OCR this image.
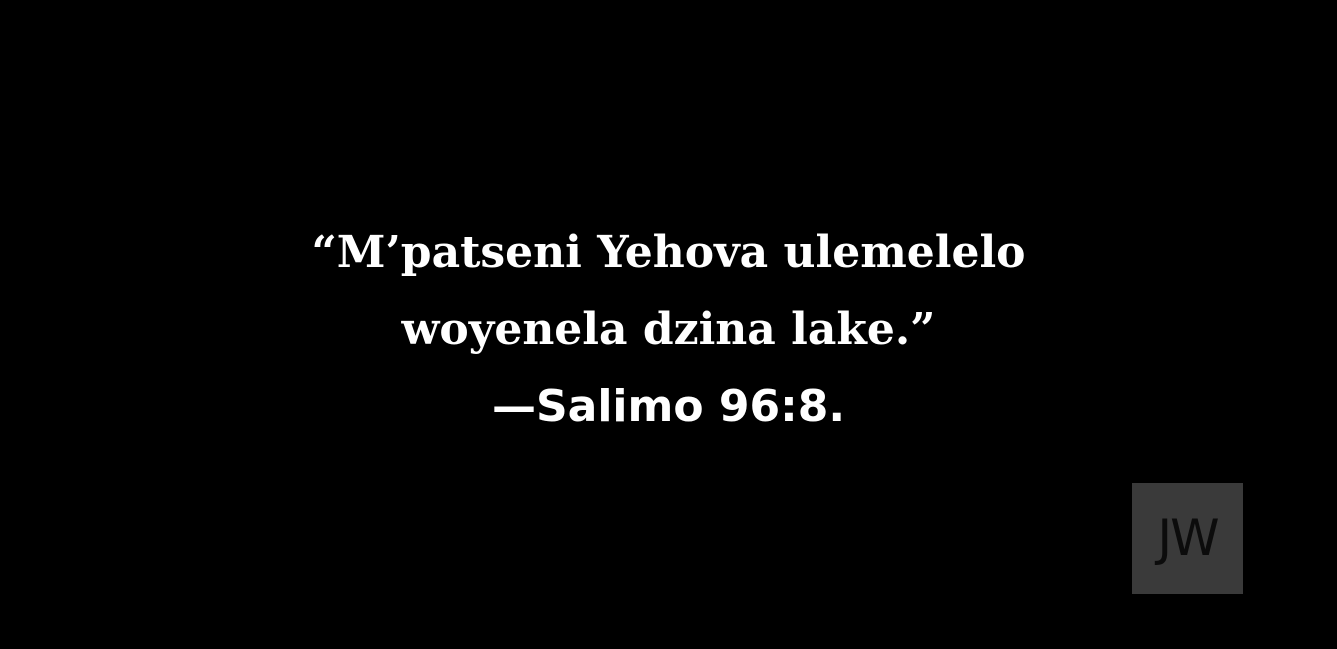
“M’patseni Yehova ulemelelo
woyenela dzina lake.”
—Salimo 96:8.
JW
